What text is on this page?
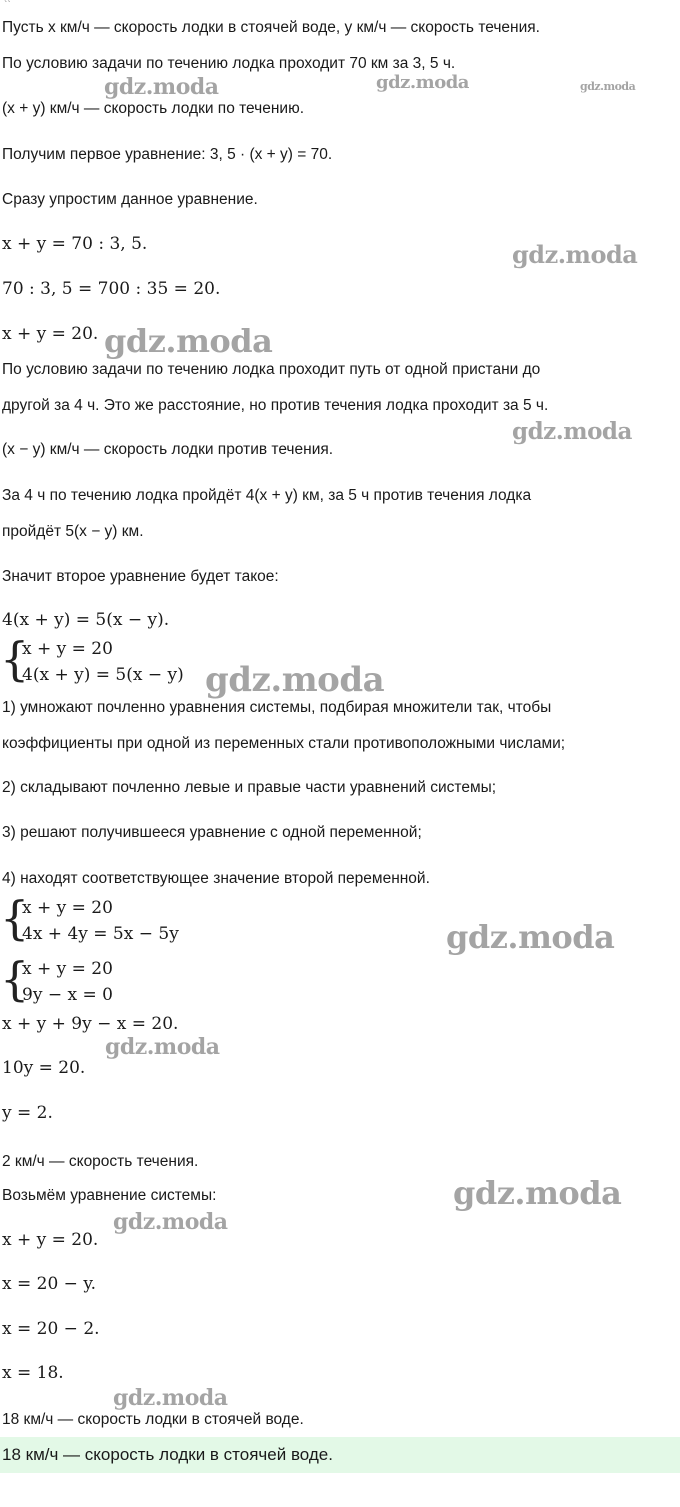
``
Пусть x км/ч — скорость лодки в стоячей воде, y км/ч — скорость течения.
По условию задачи по течению лодка проходит 70 км за 3, 5 ч.
(x + y) км/ч — скорость лодки по течению.
Получим первое уравнение: 3, 5 · (x + y) = 70.
Сразу упростим данное уравнение.
x + y = 70 : 3, 5.
70 : 3, 5 = 700 : 35 = 20.
x + y = 20.
По условию задачи по течению лодка проходит путь от одной пристани до
другой за 4 ч. Это же расстояние, но против течения лодка проходит за 5 ч.
(x − y) км/ч — скорость лодки против течения.
За 4 ч по течению лодка пройдёт 4(x + y) км, за 5 ч против течения лодка
пройдёт 5(x − y) км.
Значит второе уравнение будет такое:
4(x + y) = 5(x − y).
{
x + y = 20
4(x + y) = 5(x − y)
1) умножают почленно уравнения системы, подбирая множители так, чтобы
коэффициенты при одной из переменных стали противоположными числами;
2) складывают почленно левые и правые части уравнений системы;
3) решают получившееся уравнение с одной переменной;
4) находят соответствующее значение второй переменной.
{
x + y = 20
4x + 4y = 5x − 5y
{
x + y = 20
9y − x = 0
x + y + 9y − x = 20.
10y = 20.
y = 2.
2 км/ч — скорость течения.
Возьмём уравнение системы:
x + y = 20.
x = 20 − y.
x = 20 − 2.
x = 18.
18 км/ч — скорость лодки в стоячей воде.
18 км/ч — скорость лодки в стоячей воде.
gdz.moda	gdz.moda	gdz.moda
gdz.moda
gdz.moda
gdz.moda
gdz.moda
gdz.moda
gdz.moda
gdz.moda
gdz.moda
gdz.moda
